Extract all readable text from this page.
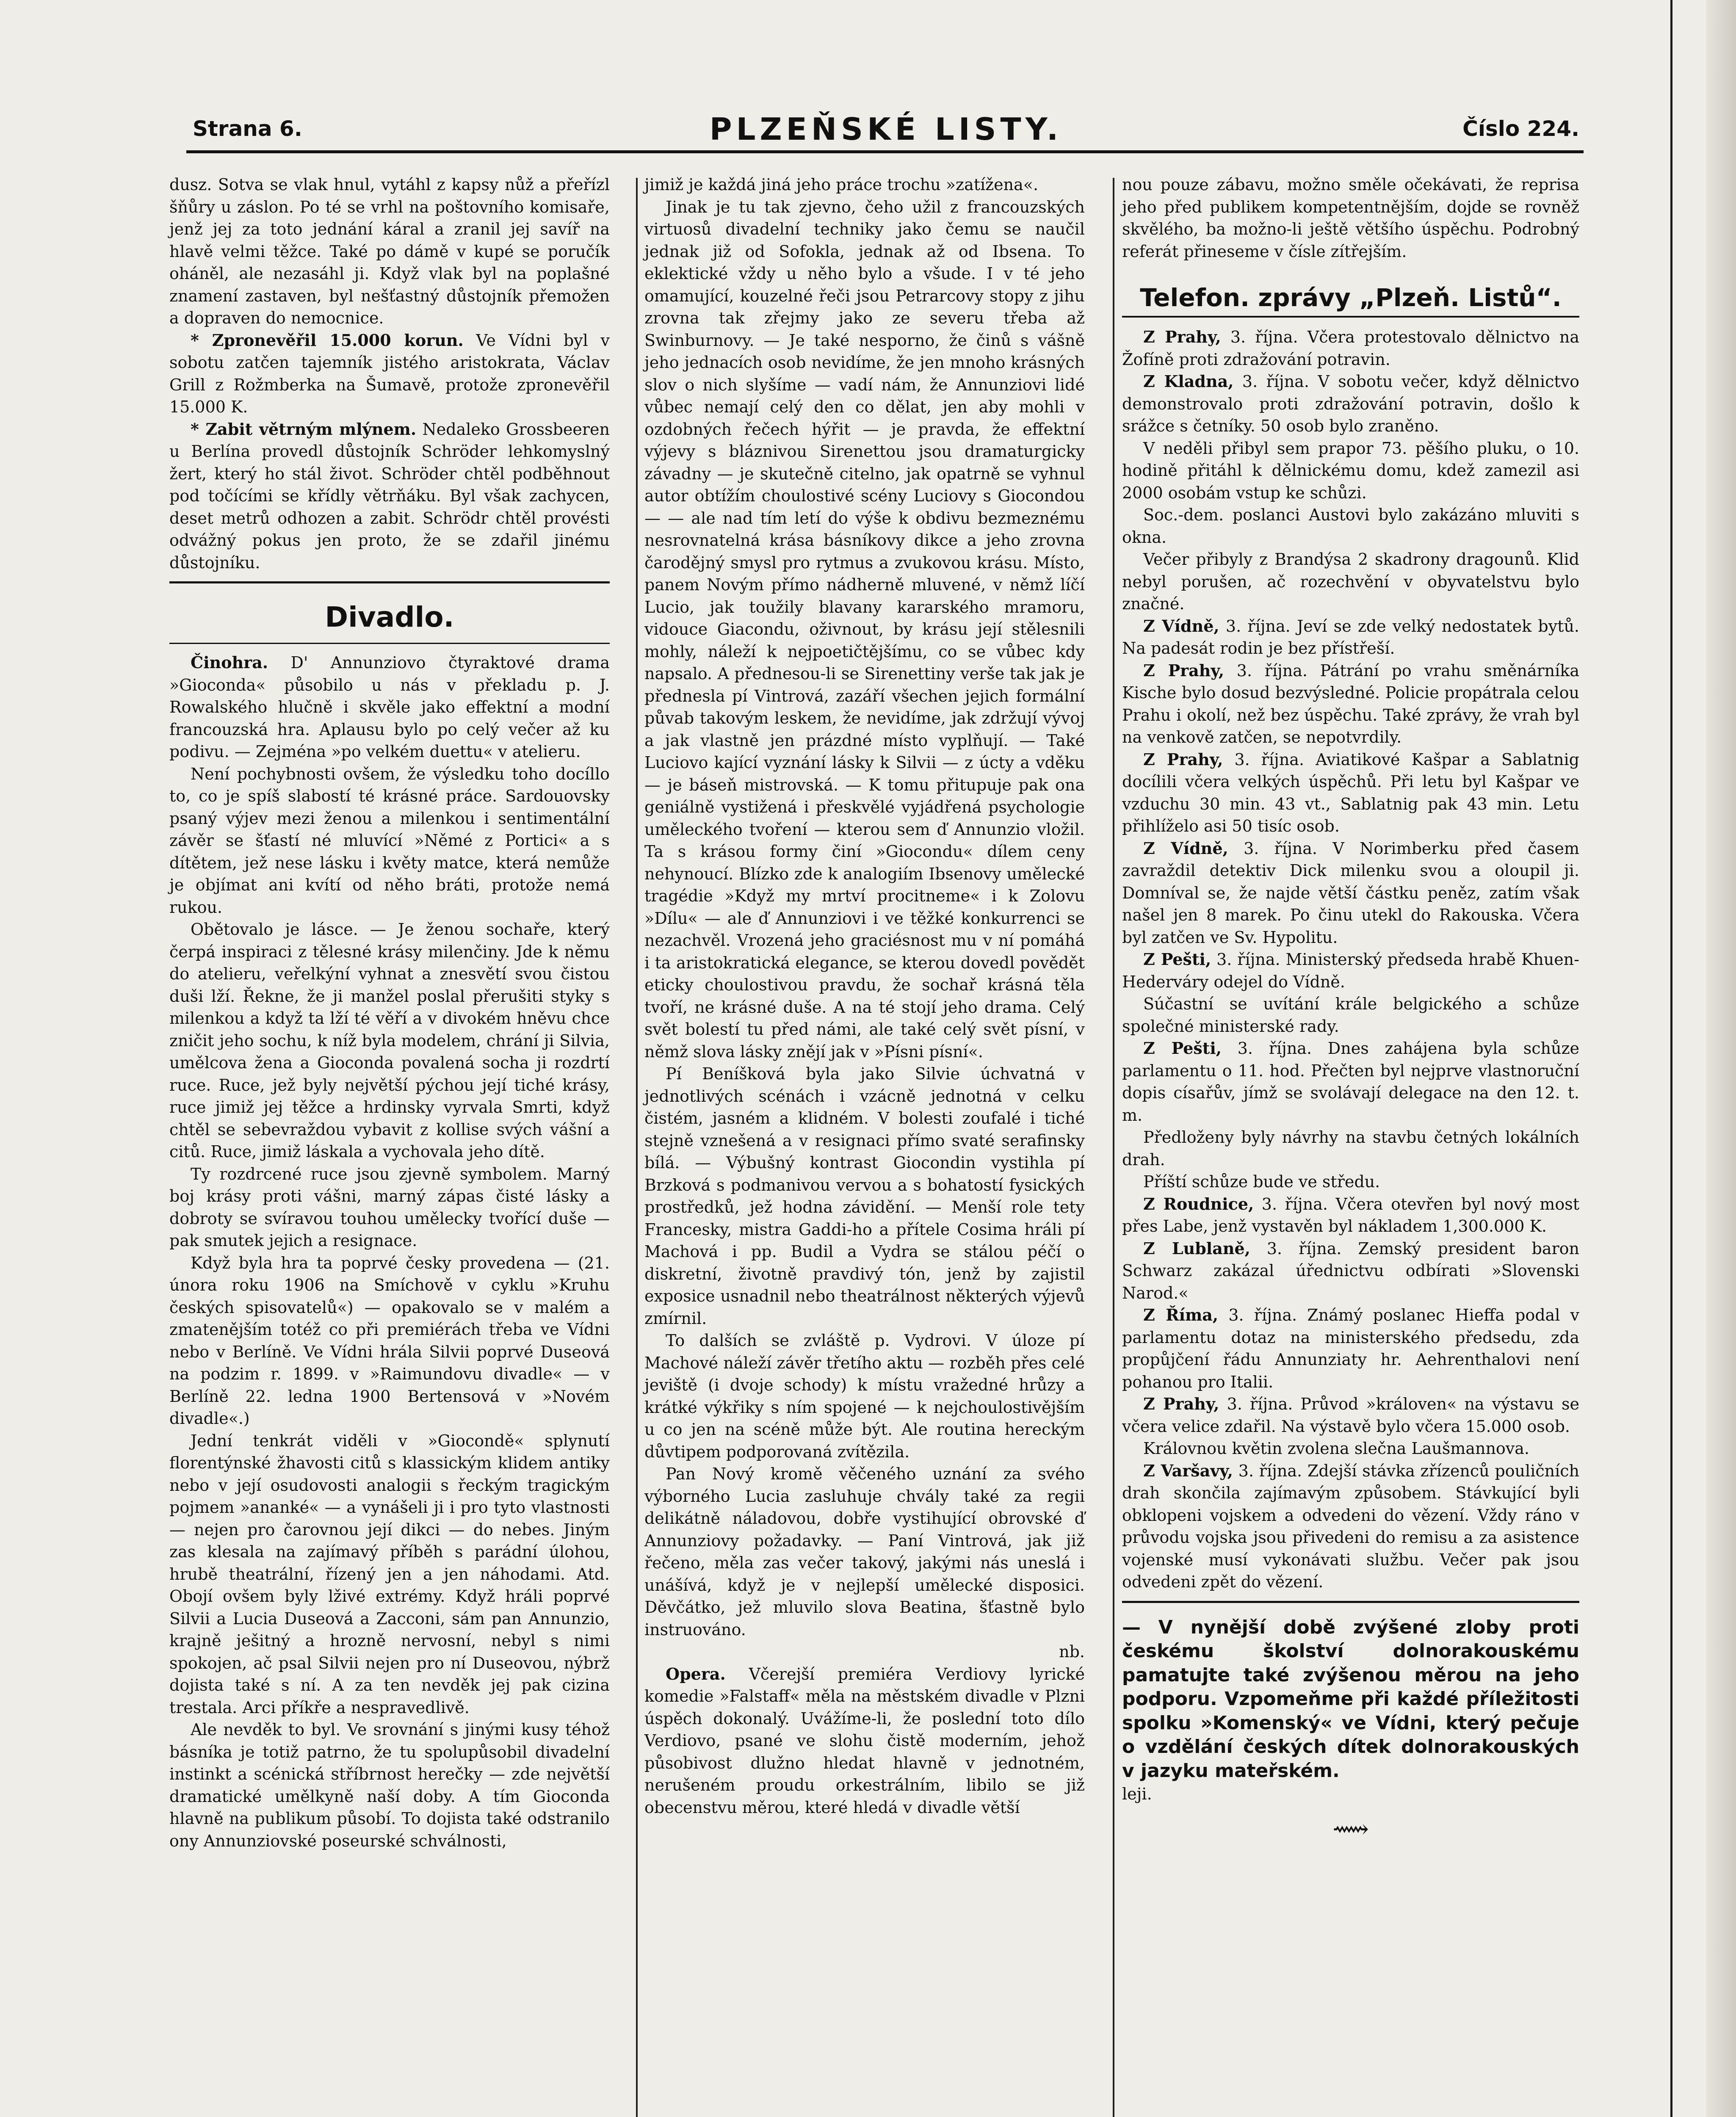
Strana 6.	PLZEŇSKÉ LISTY.	Číslo 224.

dusz. Sotva se vlak hnul, vytáhl z kapsy nůž a přeřízl šňůry u záslon. Po té se vrhl na poštovního komisaře, jenž jej za toto jednání káral a zranil jej savíř na hlavě velmi těžce. Také po dámě v kupé se poručík oháněl, ale nezasáhl ji. Když vlak byl na poplašné znamení zastaven, byl nešťastný důstojník přemožen a dopraven do nemocnice.

* Zpronevěřil 15.000 korun. Ve Vídni byl v sobotu zatčen tajemník jistého aristokrata, Václav Grill z Rožmberka na Šumavě, protože zpronevěřil 15.000 K.

* Zabit větrným mlýnem. Nedaleko Grossbeeren u Berlína provedl důstojník Schröder lehkomyslný žert, který ho stál život. Schröder chtěl podběhnout pod točícími se křídly větrňáku. Byl však zachycen, deset metrů odhozen a zabit. Schrödr chtěl provésti odvážný pokus jen proto, že se zdařil jinému důstojníku.

Divadlo.

Činohra. D' Annunziovo čtyraktové drama »Gioconda« působilo u nás v překladu p. J. Rowalského hlučně i skvěle jako effektní a modní francouzská hra. Aplausu bylo po celý večer až ku podivu. — Zejména »po velkém duettu« v atelieru.

Není pochybnosti ovšem, že výsledku toho docíllo to, co je spíš slabostí té krásné práce. Sardouovsky psaný výjev mezi ženou a milenkou i sentimentální závěr se šťastí né mluvící »Němé z Portici« a s dítětem, jež nese lásku i květy matce, která nemůže je objímat ani kvítí od něho bráti, protože nemá rukou.

Obětovalo je lásce. — Je ženou sochaře, který čerpá inspiraci z tělesné krásy milenčiny. Jde k němu do atelieru, veřelkýní vyhnat a znesvětí svou čistou duši lží. Řekne, že ji manžel poslal přerušiti styky s milenkou a když ta lží té věří a v divokém hněvu chce zničit jeho sochu, k níž byla modelem, chrání ji Silvia, umělcova žena a Gioconda povalená socha ji rozdrtí ruce. Ruce, jež byly největší pýchou její tiché krásy, ruce jimiž jej těžce a hrdinsky vyrvala Smrti, když chtěl se sebevraždou vybavit z kollise svých vášní a citů. Ruce, jimiž láskala a vychovala jeho dítě.

Ty rozdrcené ruce jsou zjevně symbolem. Marný boj krásy proti vášni, marný zápas čisté lásky a dobroty se svíravou touhou umělecky tvořící duše — pak smutek jejich a resignace.

Když byla hra ta poprvé česky provedena — (21. února roku 1906 na Smíchově v cyklu »Kruhu českých spisovatelů«) — opakovalo se v malém a zmatenějším totéž co při premiérách třeba ve Vídni nebo v Berlíně. Ve Vídni hrála Silvii poprvé Duseová na podzim r. 1899. v »Raimundovu divadle« — v Berlíně 22. ledna 1900 Bertensová v »Novém divadle«.)

Jední tenkrát viděli v »Giocondě« splynutí florentýnské žhavosti citů s klassickým klidem antiky nebo v její osudovosti analogii s řeckým tragickým pojmem »ananké« — a vynášeli ji i pro tyto vlastnosti — nejen pro čarovnou její dikci — do nebes. Jiným zas klesala na zajímavý příběh s parádní úlohou, hrubě theatrální, řízený jen a jen náhodami. Atd. Obojí ovšem byly lživé extrémy. Když hráli poprvé Silvii a Lucia Duseová a Zacconi, sám pan Annunzio, krajně ješitný a hrozně nervosní, nebyl s nimi spokojen, ač psal Silvii nejen pro ní Duseovou, nýbrž dojista také s ní. A za ten nevděk jej pak cizina trestala. Arci příkře a nespravedlivě.

Ale nevděk to byl. Ve srovnání s jinými kusy téhož básníka je totiž patrno, že tu spolupůsobil divadelní instinkt a scénická stříbrnost herečky — zde největší dramatické umělkyně naší doby. A tím Gioconda hlavně na publikum působí. To dojista také odstranilo ony Annunziovské poseurské schválnosti,

jimiž je každá jiná jeho práce trochu »zatížena«.

Jinak je tu tak zjevno, čeho užil z francouzských virtuosů divadelní techniky jako čemu se naučil jednak již od Sofokla, jednak až od Ibsena. To eklektické vždy u něho bylo a všude. I v té jeho omamující, kouzelné řeči jsou Petrarcovy stopy z jihu zrovna tak zřejmy jako ze severu třeba až Swinburnovy. — Je také nesporno, že činů s vášně jeho jednacích osob nevidíme, že jen mnoho krásných slov o nich slyšíme — vadí nám, že Annunziovi lidé vůbec nemají celý den co dělat, jen aby mohli v ozdobných řečech hýřit — je pravda, že effektní výjevy s bláznivou Sirenettou jsou dramaturgicky závadny — je skutečně citelno, jak opatrně se vyhnul autor obtížím choulostivé scény Luciovy s Giocondou — — ale nad tím letí do výše k obdivu bezmeznému nesrovnatelná krása básníkovy dikce a jeho zrovna čarodějný smysl pro rytmus a zvukovou krásu. Místo, panem Novým přímo nádherně mluvené, v němž líčí Lucio, jak toužily blavany kararského mramoru, vidouce Giacondu, oživnout, by krásu její stělesnili mohly, náleží k nejpoetičtějšímu, co se vůbec kdy napsalo. A přednesou-li se Sirenettiny verše tak jak je přednesla pí Vintrová, zazáří všechen jejich formální půvab takovým leskem, že nevidíme, jak zdržují vývoj a jak vlastně jen prázdné místo vyplňují. — Také Luciovo kající vyznání lásky k Silvii — z úcty a vděku — je báseň mistrovská. — K tomu přitupuje pak ona geniálně vystižená i přeskvělé vyjádřená psychologie uměleckého tvoření — kterou sem ď Annunzio vložil. Ta s krásou formy činí »Giocondu« dílem ceny nehynoucí. Blízko zde k analogiím Ibsenovy umělecké tragédie »Když my mrtví procitneme« i k Zolovu »Dílu« — ale ď Annunziovi i ve těžké konkurrenci se nezachvěl. Vrozená jeho graciésnost mu v ní pomáhá i ta aristokratická elegance, se kterou dovedl povědět eticky choulostivou pravdu, že sochař krásná těla tvoří, ne krásné duše. A na té stojí jeho drama. Celý svět bolestí tu před námi, ale také celý svět písní, v němž slova lásky znějí jak v »Písni písní«.

Pí Beníšková byla jako Silvie úchvatná v jednotlivých scénách i vzácně jednotná v celku čistém, jasném a klidném. V bolesti zoufalé i tiché stejně vznešená a v resignaci přímo svaté serafinsky bílá. — Výbušný kontrast Giocondin vystihla pí Brzková s podmanivou vervou a s bohatostí fysických prostředků, jež hodna závidění. — Menší role tety Francesky, mistra Gaddi-ho a přítele Cosima hráli pí Machová i pp. Budil a Vydra se stálou péčí o diskretní, životně pravdivý tón, jenž by zajistil exposice usnadnil nebo theatrálnost některých výjevů zmírnil.

To dalších se zvláště p. Vydrovi. V úloze pí Machové náleží závěr třetího aktu — rozběh přes celé jeviště (i dvoje schody) k místu vražedné hrůzy a krátké výkřiky s ním spojené — k nejchoulostivějším u co jen na scéně může být. Ale routina hereckým důvtipem podporovaná zvítězila.

Pan Nový kromě věčeného uznání za svého výborného Lucia zasluhuje chvály také za regii delikátně náladovou, dobře vystihující obrovské ď Annunziovy požadavky. — Paní Vintrová, jak již řečeno, měla zas večer takový, jakými nás uneslá i unášívá, když je v nejlepší umělecké disposici. Děvčátko, jež mluvilo slova Beatina, šťastně bylo instruováno.

nb.

Opera. Včerejší premiéra Verdiovy lyrické komedie »Falstaff« měla na městském divadle v Plzni úspěch dokonalý. Uvážíme-li, že poslední toto dílo Verdiovo, psané ve slohu čistě moderním, jehož působivost dlužno hledat hlavně v jednotném, nerušeném proudu orkestrálním, libilo se již obecenstvu měrou, které hledá v divadle větší

nou pouze zábavu, možno směle očekávati, že reprisa jeho před publikem kompetentnějším, dojde se rovněž skvělého, ba možno-li ještě většího úspěchu. Podrobný referát přineseme v čísle zítřejším.

Telefon. zprávy „Plzeň. Listů“.

Z Prahy, 3. října. Včera protestovalo dělnictvo na Žofíně proti zdražování potravin.

Z Kladna, 3. října. V sobotu večer, když dělnictvo demonstrovalo proti zdražování potravin, došlo k srážce s četníky. 50 osob bylo zraněno.

V neděli přibyl sem prapor 73. pěšího pluku, o 10. hodině přitáhl k dělnickému domu, kdež zamezil asi 2000 osobám vstup ke schůzi.

Soc.-dem. poslanci Austovi bylo zakázáno mluviti s okna.

Večer přibyly z Brandýsa 2 skadrony dragounů. Klid nebyl porušen, ač rozechvění v obyvatelstvu bylo značné.

Z Vídně, 3. října. Jeví se zde velký nedostatek bytů. Na padesát rodin je bez přístřeší.

Z Prahy, 3. října. Pátrání po vrahu směnárníka Kische bylo dosud bezvýsledné. Policie propátrala celou Prahu i okolí, než bez úspěchu. Také zprávy, že vrah byl na venkově zatčen, se nepotvrdily.

Z Prahy, 3. října. Aviatikové Kašpar a Sablatnig docílili včera velkých úspěchů. Při letu byl Kašpar ve vzduchu 30 min. 43 vt., Sablatnig pak 43 min. Letu přihlíželo asi 50 tisíc osob.

Z Vídně, 3. října. V Norimberku před časem zavraždil detektiv Dick milenku svou a oloupil ji. Domníval se, že najde větší částku peněz, zatím však našel jen 8 marek. Po činu utekl do Rakouska. Včera byl zatčen ve Sv. Hypolitu.

Z Pešti, 3. října. Ministerský předseda hrabě Khuen-Hederváry odejel do Vídně.

Súčastní se uvítání krále belgického a schůze společné ministerské rady.

Z Pešti, 3. října. Dnes zahájena byla schůze parlamentu o 11. hod. Přečten byl nejprve vlastnoruční dopis císařův, jímž se svolávají delegace na den 12. t. m.

Předloženy byly návrhy na stavbu četných lokálních drah.

Příští schůze bude ve středu.

Z Roudnice, 3. října. Včera otevřen byl nový most přes Labe, jenž vystavěn byl nákladem 1,300.000 K.

Z Lublaně, 3. října. Zemský president baron Schwarz zakázal úřednictvu odbírati »Slovenski Narod.«

Z Říma, 3. října. Známý poslanec Hieffa podal v parlamentu dotaz na ministerského předsedu, zda propůjčení řádu Annunziaty hr. Aehrenthalovi není pohanou pro Italii.

Z Prahy, 3. října. Průvod »královen« na výstavu se včera velice zdařil. Na výstavě bylo včera 15.000 osob.

Královnou květin zvolena slečna Laušmannova.

Z Varšavy, 3. října. Zdejší stávka zřízenců pouličních drah skončila zajímavým způsobem. Stávkující byli obklopeni vojskem a odvedeni do vězení. Vždy ráno v průvodu vojska jsou přivedeni do remisu a za asistence vojenské musí vykonávati službu. Večer pak jsou odvedeni zpět do vězení.

— V nynější době zvýšené zloby proti českému školství dolnorakouskému pamatujte také zvýšenou měrou na jeho podporu. Vzpomeňme při každé příležitosti spolku »Komenský« ve Vídni, který pečuje o vzdělání českých dítek dolnorakouských v jazyku mateřském.
leji.
⟿
